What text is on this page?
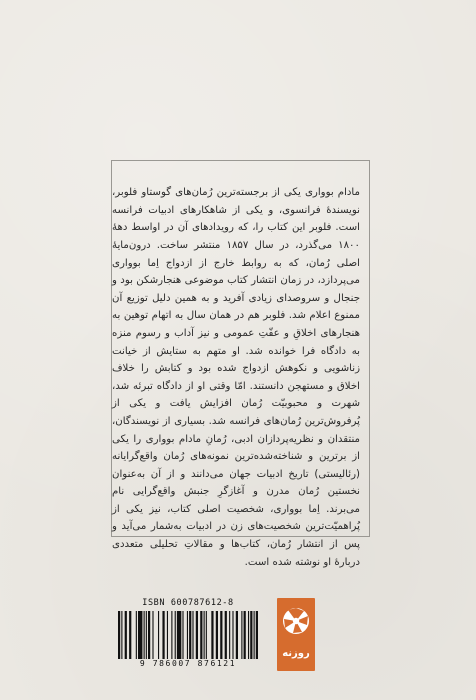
مادام بوواری یکی از برجسته‌ترین رُمان‌های گوستاو فلوبر، نویسندهٔ فرانسوی، و یکی از شاهکارهای ادبیات فرانسه است. فلوبر این کتاب را، که رویدادهای آن در اواسط دههٔ ۱۸۰۰ می‌گذرد، در سال ۱۸۵۷ منتشر ساخت. درون‌مایهٔ اصلی رُمان، که به روابط خارج از ازدواج اِما بوواری می‌پردازد، در زمان انتشار کتاب موضوعی هنجارشکن بود و جنجال و سروصدای زیادی آفرید و به همین دلیل توزیع آن ممنوع اعلام شد. فلوبر هم در همان سال به اتهام توهین به هنجارهای اخلاقِ و عفّتِ عمومی و نیز آداب و رسوم منزه به دادگاه فرا خوانده شد. او متهم به ستایش از خیانت زناشویی و نکوهش ازدواج شده بود و کتابش را خلاف اخلاق و مستهجن دانستند. امّا وقتی او از دادگاه تبرئه شد، شهرت و محبوبیّت رُمان افزایش یافت و یکی از پُرفروش‌ترین رُمان‌های فرانسه شد. بسیاری از نویسندگان، منتقدان و نظریه‌پردازان ادبی، رُمانِ مادام بوواری را یکی از برترین و شناخته‌شده‌ترین نمونه‌های رُمان واقع‌گرایانه (رئالیستی) تاریخ ادبیات جهان می‌دانند و از آن به‌عنوان نخستین رُمان مدرن و آغازگرِ جنبش واقع‌گرایی نام می‌برند. اِما بوواری، شخصیت اصلی کتاب، نیز یکی از پُراهمیّت‌ترین شخصیت‌های زن در ادبیات به‌شمار می‌آید و پس از انتشار رُمان، کتاب‌ها و مقالاتِ تحلیلی متعددی دربارهٔ او نوشته شده است.

ISBN 600787612-8
9 786007 876121
روزنه
